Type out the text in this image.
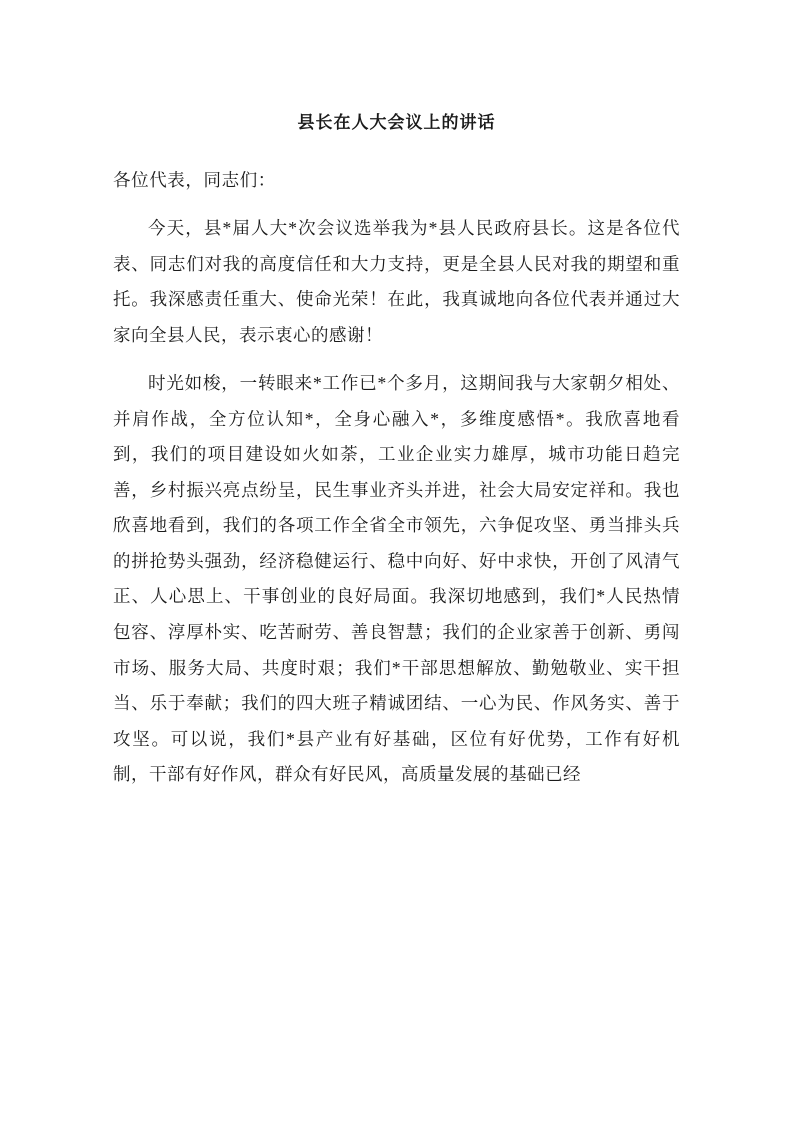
县长在人大会议上的讲话

各位代表，同志们：

今天，县*届人大*次会议选举我为*县人民政府县长。这是各位代表、同志们对我的高度信任和大力支持，更是全县人民对我的期望和重托。我深感责任重大、使命光荣！在此，我真诚地向各位代表并通过大家向全县人民，表示衷心的感谢！

时光如梭，一转眼来*工作已*个多月，这期间我与大家朝夕相处、并肩作战，全方位认知*，全身心融入*，多维度感悟*。我欣喜地看到，我们的项目建设如火如荼，工业企业实力雄厚，城市功能日趋完善，乡村振兴亮点纷呈，民生事业齐头并进，社会大局安定祥和。我也欣喜地看到，我们的各项工作全省全市领先，六争促攻坚、勇当排头兵的拼抢势头强劲，经济稳健运行、稳中向好、好中求快，开创了风清气正、人心思上、干事创业的良好局面。我深切地感到，我们*人民热情包容、淳厚朴实、吃苦耐劳、善良智慧；我们的企业家善于创新、勇闯市场、服务大局、共度时艰；我们*干部思想解放、勤勉敬业、实干担当、乐于奉献；我们的四大班子精诚团结、一心为民、作风务实、善于攻坚。可以说，我们*县产业有好基础，区位有好优势，工作有好机制，干部有好作风，群众有好民风，高质量发展的基础已经
